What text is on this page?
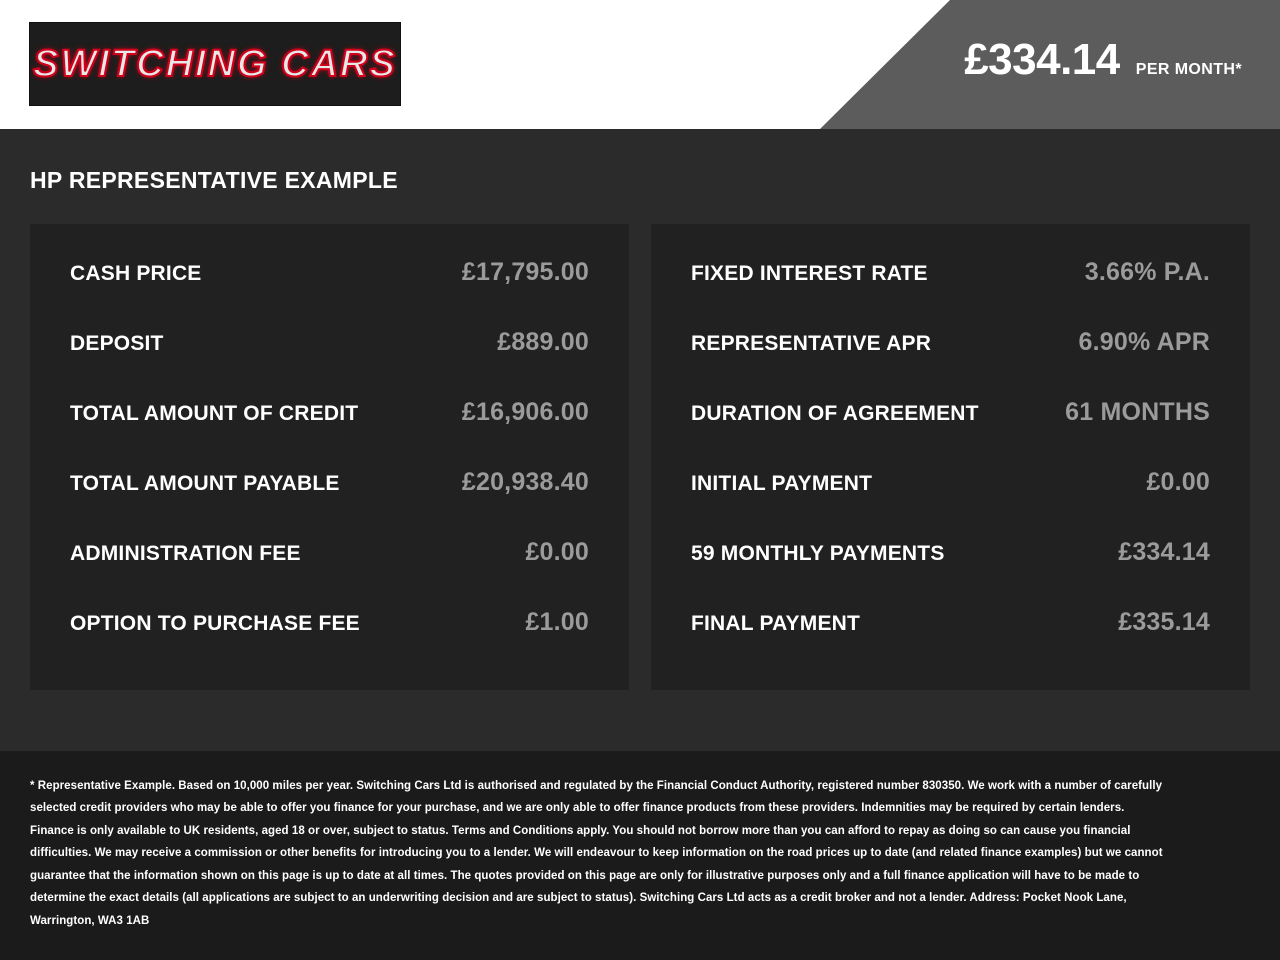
SWITCHING CARS	£334.14 PER MONTH*
HP REPRESENTATIVE EXAMPLE
CASH PRICE	£17,795.00
DEPOSIT	£889.00
TOTAL AMOUNT OF CREDIT	£16,906.00
TOTAL AMOUNT PAYABLE	£20,938.40
ADMINISTRATION FEE	£0.00
OPTION TO PURCHASE FEE	£1.00
FIXED INTEREST RATE	3.66% P.A.
REPRESENTATIVE APR	6.90% APR
DURATION OF AGREEMENT	61 MONTHS
INITIAL PAYMENT	£0.00
59 MONTHLY PAYMENTS	£334.14
FINAL PAYMENT	£335.14

* Representative Example. Based on 10,000 miles per year. Switching Cars Ltd is authorised and regulated by the Financial Conduct Authority, registered number 830350. We work with a number of carefully selected credit providers who may be able to offer you finance for your purchase, and we are only able to offer finance products from these providers. Indemnities may be required by certain lenders. Finance is only available to UK residents, aged 18 or over, subject to status. Terms and Conditions apply. You should not borrow more than you can afford to repay as doing so can cause you financial difficulties. We may receive a commission or other benefits for introducing you to a lender. We will endeavour to keep information on the road prices up to date (and related finance examples) but we cannot guarantee that the information shown on this page is up to date at all times. The quotes provided on this page are only for illustrative purposes only and a full finance application will have to be made to determine the exact details (all applications are subject to an underwriting decision and are subject to status). Switching Cars Ltd acts as a credit broker and not a lender. Address: Pocket Nook Lane, Warrington, WA3 1AB
